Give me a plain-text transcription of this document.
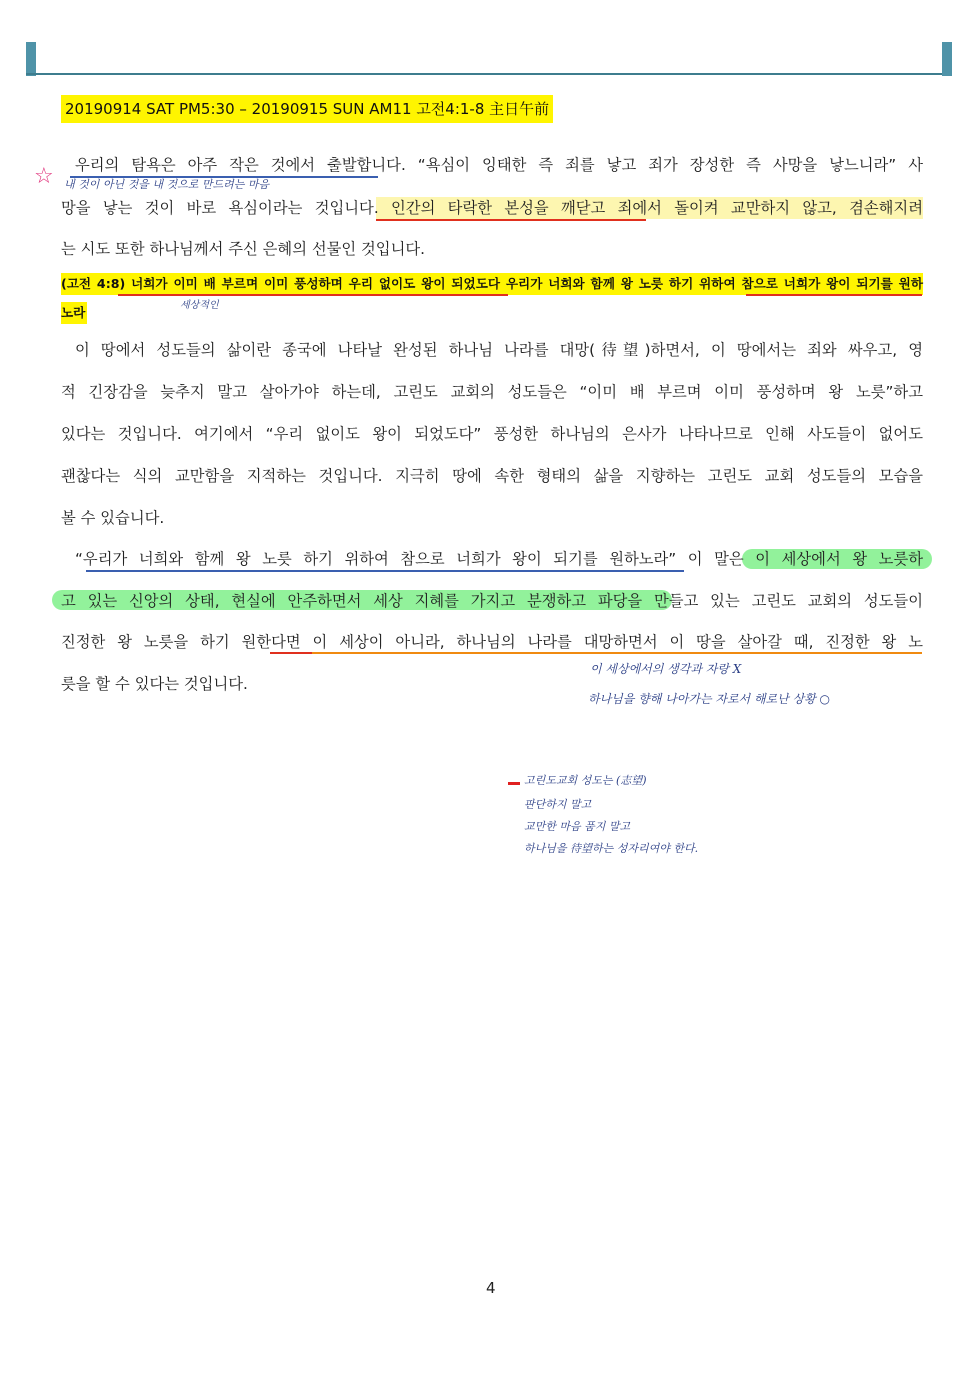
20190914 SAT PM5:30 – 20190915 SUN AM11 고전4:1-8 主日午前
☆	우리의 탐욕은 아주 작은 것에서 출발합니다. “욕심이 잉태한 즉 죄를 낳고 죄가 장성한 즉 사망을 낳느니라” 사
망을 낳는 것이 바로 욕심이라는 것입니다. 인간의 타락한 본성을 깨닫고 죄에서 돌이켜 교만하지 않고, 겸손해지려
는 시도 또한 하나님께서 주신 은혜의 선물인 것입니다.
내 것이 아닌 것을 내 것으로 만드려는 마음
(고전 4:8) 너희가 이미 배 부르며 이미 풍성하며 우리 없이도 왕이 되었도다 우리가 너희와 함께 왕 노릇 하기 위하여 참으로 너희가 왕이 되기를 원하
노라	세상적인
이 땅에서 성도들의 삶이란 종국에 나타날 완성된 하나님 나라를 대망(待望)하면서, 이 땅에서는 죄와 싸우고, 영
적 긴장감을 늦추지 말고 살아가야 하는데, 고린도 교회의 성도들은 “이미 배 부르며 이미 풍성하며 왕 노릇”하고
있다는 것입니다. 여기에서 “우리 없이도 왕이 되었도다” 풍성한 하나님의 은사가 나타나므로 인해 사도들이 없어도
괜찮다는 식의 교만함을 지적하는 것입니다. 지극히 땅에 속한 형태의 삶을 지향하는 고린도 교회 성도들의 모습을
볼 수 있습니다.
“우리가 너희와 함께 왕 노릇 하기 위하여 참으로 너희가 왕이 되기를 원하노라” 이 말은 이 세상에서 왕 노릇하
고 있는 신앙의 상태, 현실에 안주하면서 세상 지혜를 가지고 분쟁하고 파당을 만들고 있는 고린도 교회의 성도들이
진정한 왕 노릇을 하기 원한다면 이 세상이 아니라, 하나님의 나라를 대망하면서 이 땅을 살아갈 때, 진정한 왕 노
릇을 할 수 있다는 것입니다.
이 세상에서의 생각과 자랑 X
하나님을 향해 나아가는 자로서 해로난 상황 ○
고린도교회 성도는 (志望)
판단하지 말고
교만한 마음 품지 말고
하나님을 待望하는 성자리여야 한다.
4
